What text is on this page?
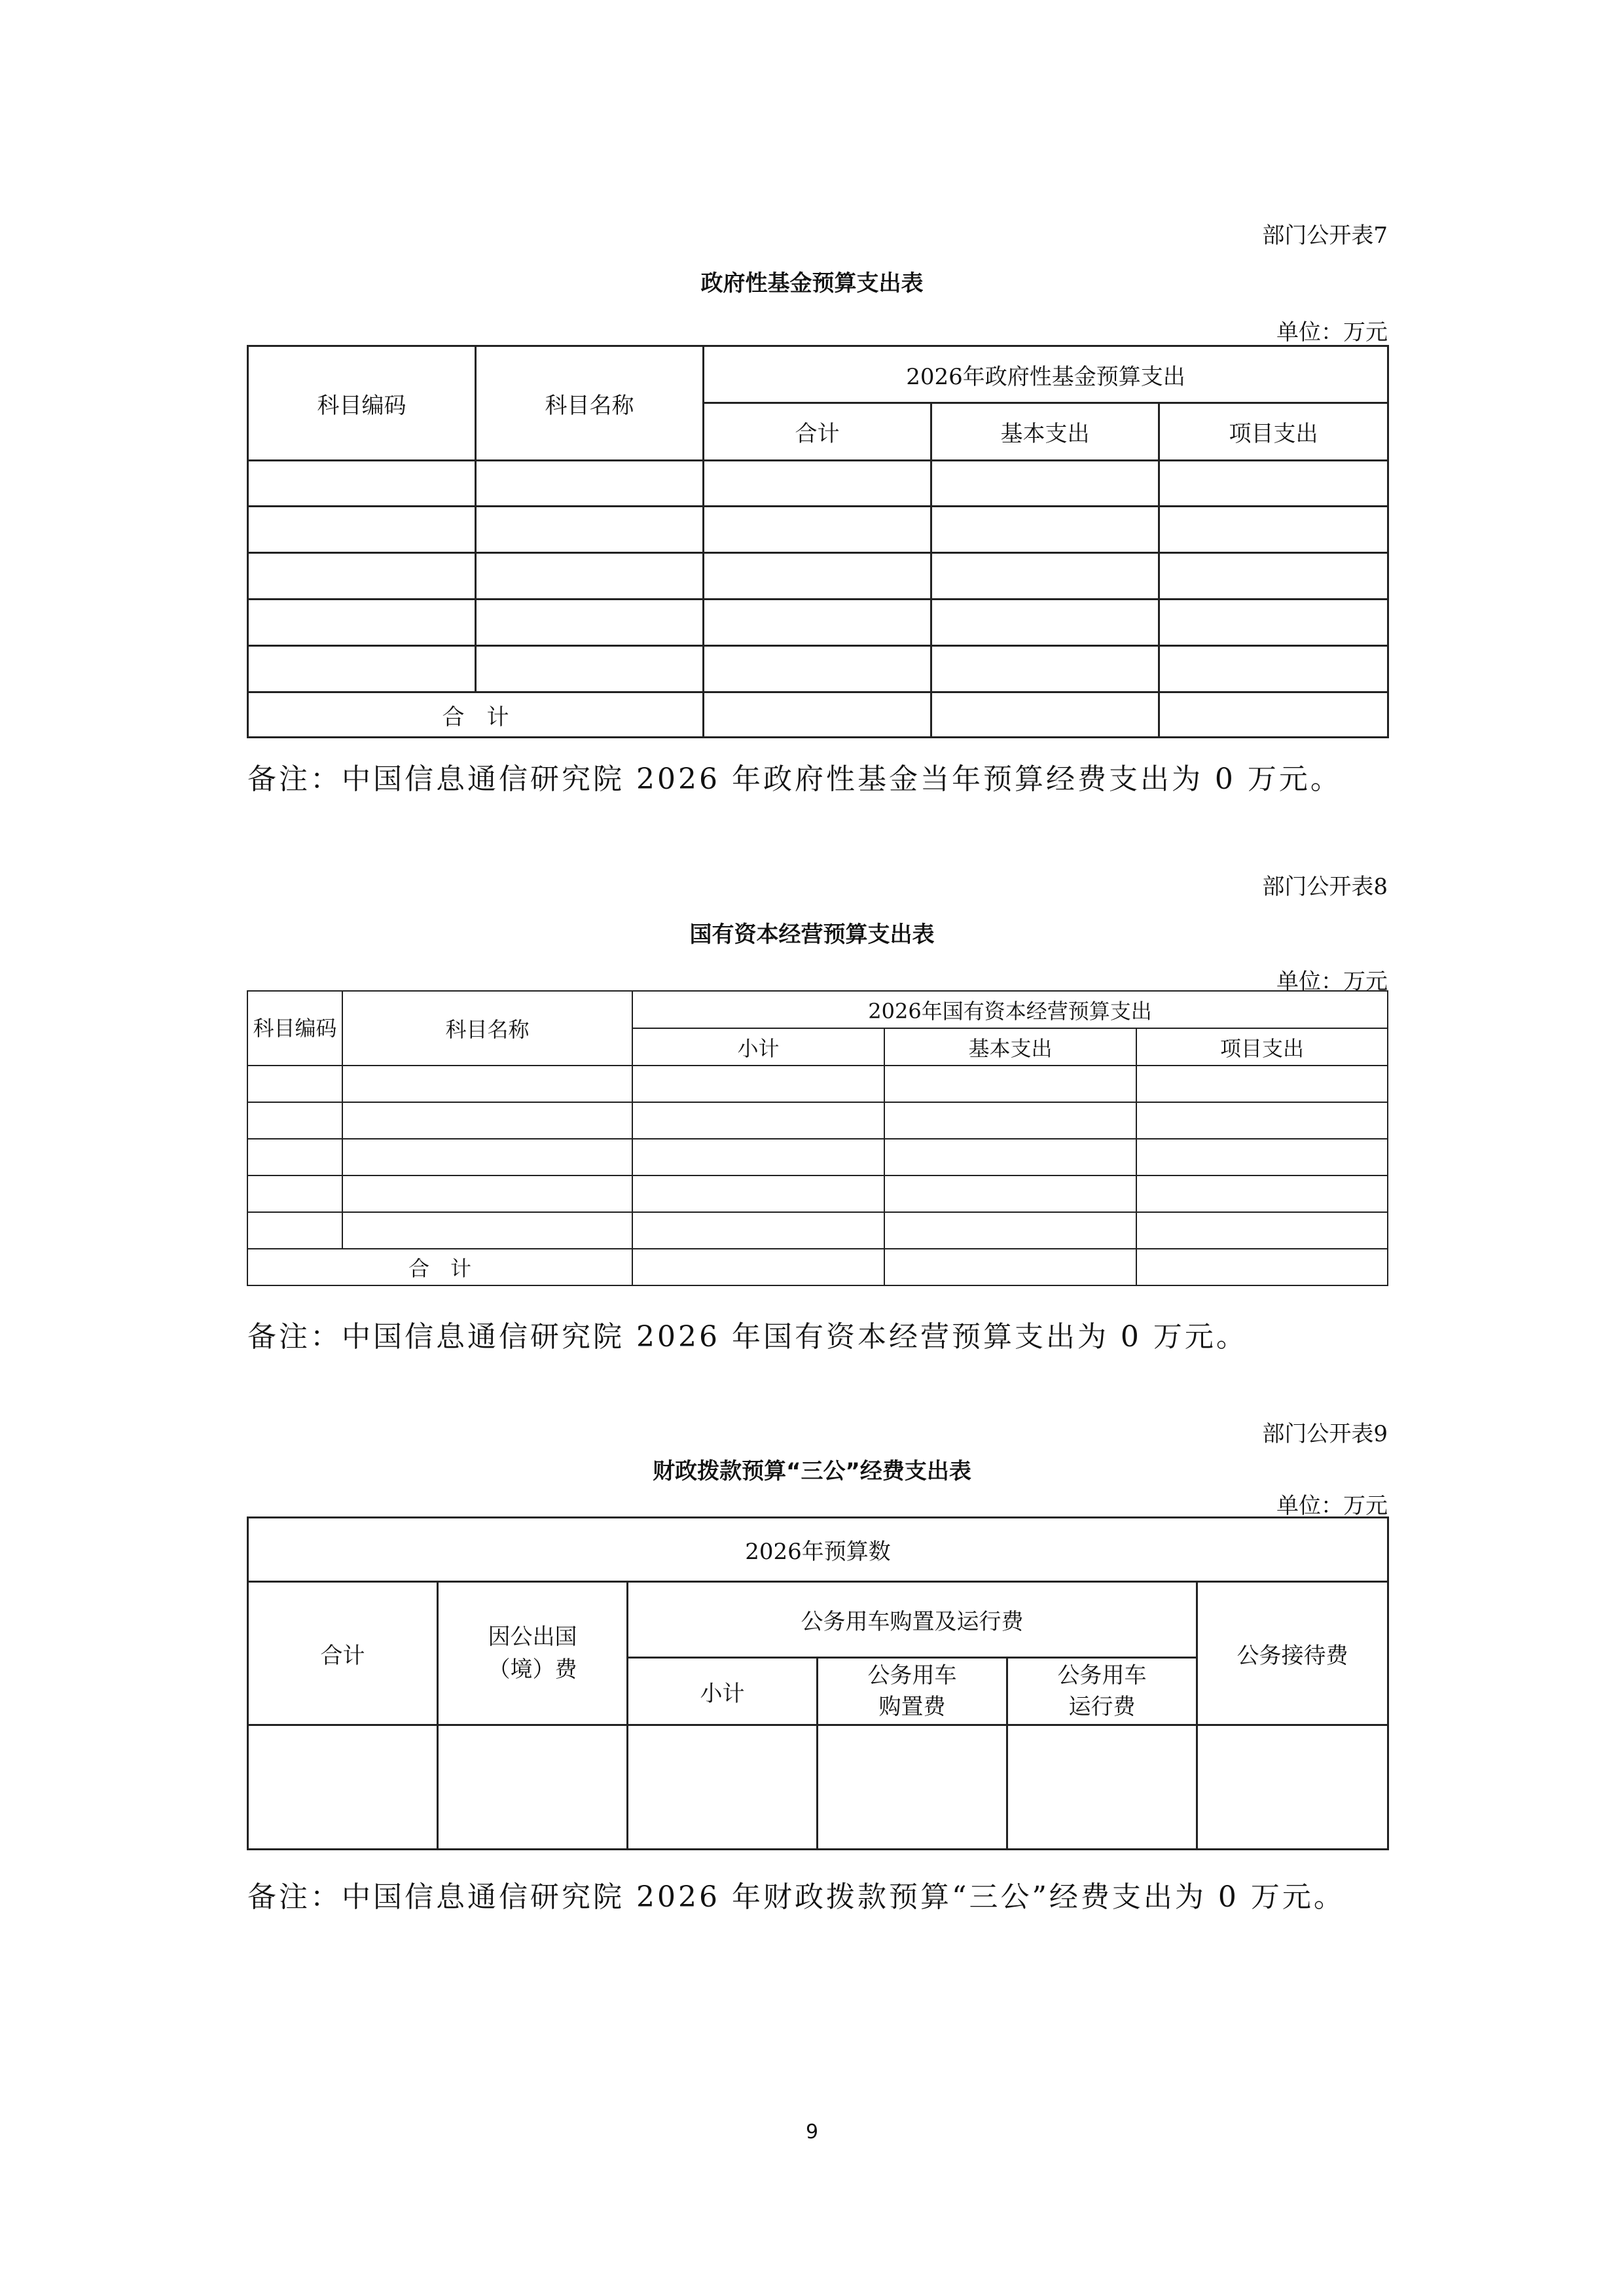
部门公开表7
政府性基金预算支出表
单位：万元
科目编码	科目名称	2026年政府性基金预算支出		
		合计	基本支出	项目支出

合　计				
备注：中国信息通信研究院 2026 年政府性基金当年预算经费支出为 0 万元。
部门公开表8
国有资本经营预算支出表
单位：万元
科目编码	科目名称	2026年国有资本经营预算支出		
		小计	基本支出	项目支出

合　计				
备注：中国信息通信研究院 2026 年国有资本经营预算支出为 0 万元。
部门公开表9
财政拨款预算“三公”经费支出表
单位：万元
2026年预算数					
合计	因公出国（境）费	公务用车购置及运行费			公务接待费
		小计	公务用车购置费	公务用车运行费	

备注：中国信息通信研究院 2026 年财政拨款预算“三公”经费支出为 0 万元。
9
